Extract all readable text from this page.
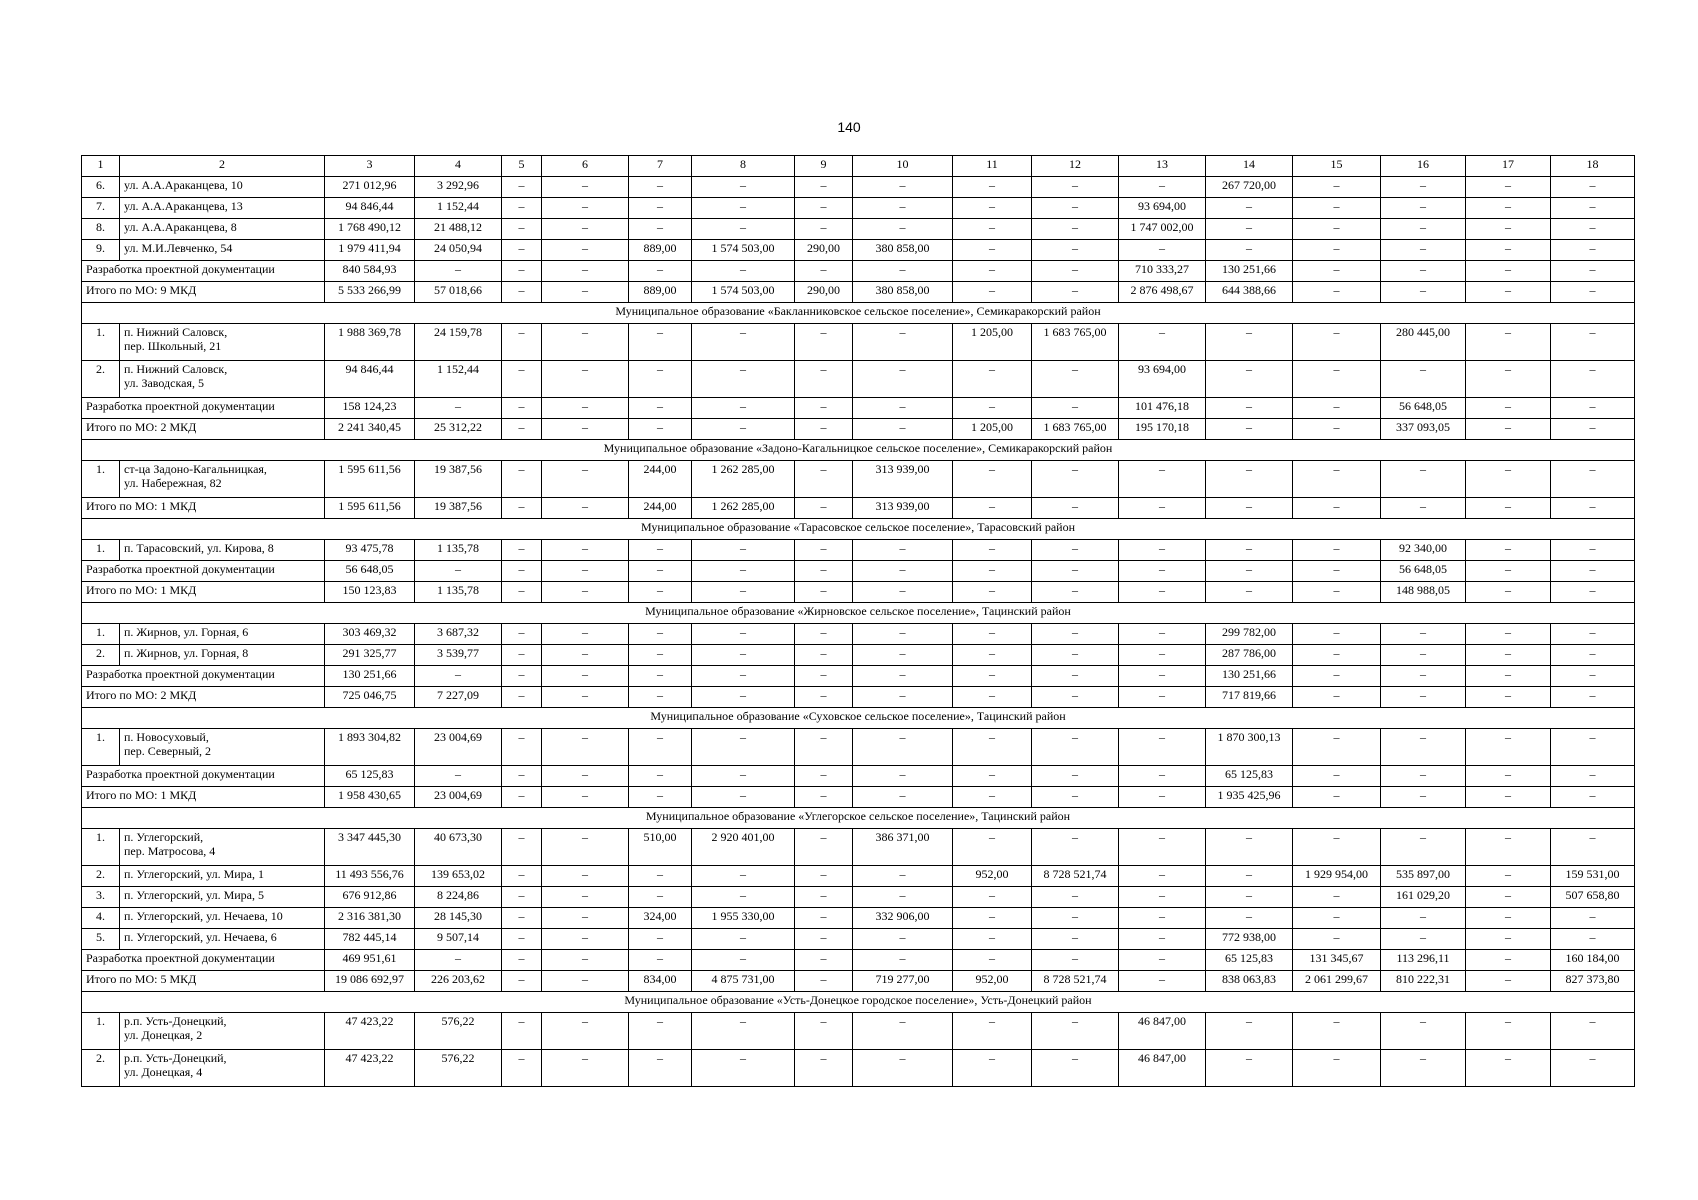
140
1	2	3	4	5	6	7	8	9	10	11	12	13	14	15	16	17	18
6.	ул. А.А.Араканцева, 10	271 012,96	3 292,96	–	–	–	–	–	–	–	–	–	267 720,00	–	–	–	–
7.	ул. А.А.Араканцева, 13	94 846,44	1 152,44	–	–	–	–	–	–	–	–	93 694,00	–	–	–	–	–
8.	ул. А.А.Араканцева, 8	1 768 490,12	21 488,12	–	–	–	–	–	–	–	–	1 747 002,00	–	–	–	–	–
9.	ул. М.И.Левченко, 54	1 979 411,94	24 050,94	–	–	889,00	1 574 503,00	290,00	380 858,00	–	–	–	–	–	–	–	–
Разработка проектной документации		840 584,93	–	–	–	–	–	–	–	–	–	710 333,27	130 251,66	–	–	–	–
Итого по МО: 9 МКД		5 533 266,99	57 018,66	–	–	889,00	1 574 503,00	290,00	380 858,00	–	–	2 876 498,67	644 388,66	–	–	–	–
Муниципальное образование «Бакланниковское сельское поселение», Семикаракорский район																	
1.	п. Нижний Саловск,
пер. Школьный, 21	1 988 369,78	24 159,78	–	–	–	–	–	–	1 205,00	1 683 765,00	–	–	–	280 445,00	–	–
2.	п. Нижний Саловск,
ул. Заводская, 5	94 846,44	1 152,44	–	–	–	–	–	–	–	–	93 694,00	–	–	–	–	–
Разработка проектной документации		158 124,23	–	–	–	–	–	–	–	–	–	101 476,18	–	–	56 648,05	–	–
Итого по МО: 2 МКД		2 241 340,45	25 312,22	–	–	–	–	–	–	1 205,00	1 683 765,00	195 170,18	–	–	337 093,05	–	–
Муниципальное образование «Задоно-Кагальницкое сельское поселение», Семикаракорский район																	
1.	ст-ца Задоно-Кагальницкая,
ул. Набережная, 82	1 595 611,56	19 387,56	–	–	244,00	1 262 285,00	–	313 939,00	–	–	–	–	–	–	–	–
Итого по МО: 1 МКД		1 595 611,56	19 387,56	–	–	244,00	1 262 285,00	–	313 939,00	–	–	–	–	–	–	–	–
Муниципальное образование «Тарасовское сельское поселение», Тарасовский район																	
1.	п. Тарасовский, ул. Кирова, 8	93 475,78	1 135,78	–	–	–	–	–	–	–	–	–	–	–	92 340,00	–	–
Разработка проектной документации		56 648,05	–	–	–	–	–	–	–	–	–	–	–	–	56 648,05	–	–
Итого по МО: 1 МКД		150 123,83	1 135,78	–	–	–	–	–	–	–	–	–	–	–	148 988,05	–	–
Муниципальное образование «Жирновское сельское поселение», Тацинский район																	
1.	п. Жирнов, ул. Горная, 6	303 469,32	3 687,32	–	–	–	–	–	–	–	–	–	299 782,00	–	–	–	–
2.	п. Жирнов, ул. Горная, 8	291 325,77	3 539,77	–	–	–	–	–	–	–	–	–	287 786,00	–	–	–	–
Разработка проектной документации		130 251,66	–	–	–	–	–	–	–	–	–	–	130 251,66	–	–	–	–
Итого по МО: 2 МКД		725 046,75	7 227,09	–	–	–	–	–	–	–	–	–	717 819,66	–	–	–	–
Муниципальное образование «Суховское сельское поселение», Тацинский район																	
1.	п. Новосуховый,
пер. Северный, 2	1 893 304,82	23 004,69	–	–	–	–	–	–	–	–	–	1 870 300,13	–	–	–	–
Разработка проектной документации		65 125,83	–	–	–	–	–	–	–	–	–	–	65 125,83	–	–	–	–
Итого по МО: 1 МКД		1 958 430,65	23 004,69	–	–	–	–	–	–	–	–	–	1 935 425,96	–	–	–	–
Муниципальное образование «Углегорское сельское поселение», Тацинский район																	
1.	п. Углегорский,
пер. Матросова, 4	3 347 445,30	40 673,30	–	–	510,00	2 920 401,00	–	386 371,00	–	–	–	–	–	–	–	–
2.	п. Углегорский, ул. Мира, 1	11 493 556,76	139 653,02	–	–	–	–	–	–	952,00	8 728 521,74	–	–	1 929 954,00	535 897,00	–	159 531,00
3.	п. Углегорский, ул. Мира, 5	676 912,86	8 224,86	–	–	–	–	–	–	–	–	–	–	–	161 029,20	–	507 658,80
4.	п. Углегорский, ул. Нечаева, 10	2 316 381,30	28 145,30	–	–	324,00	1 955 330,00	–	332 906,00	–	–	–	–	–	–	–	–
5.	п. Углегорский, ул. Нечаева, 6	782 445,14	9 507,14	–	–	–	–	–	–	–	–	–	772 938,00	–	–	–	–
Разработка проектной документации		469 951,61	–	–	–	–	–	–	–	–	–	–	65 125,83	131 345,67	113 296,11	–	160 184,00
Итого по МО: 5 МКД		19 086 692,97	226 203,62	–	–	834,00	4 875 731,00	–	719 277,00	952,00	8 728 521,74	–	838 063,83	2 061 299,67	810 222,31	–	827 373,80
Муниципальное образование «Усть-Донецкое городское поселение», Усть-Донецкий район																	
1.	р.п. Усть-Донецкий,
ул. Донецкая, 2	47 423,22	576,22	–	–	–	–	–	–	–	–	46 847,00	–	–	–	–	–
2.	р.п. Усть-Донецкий,
ул. Донецкая, 4	47 423,22	576,22	–	–	–	–	–	–	–	–	46 847,00	–	–	–	–	–
